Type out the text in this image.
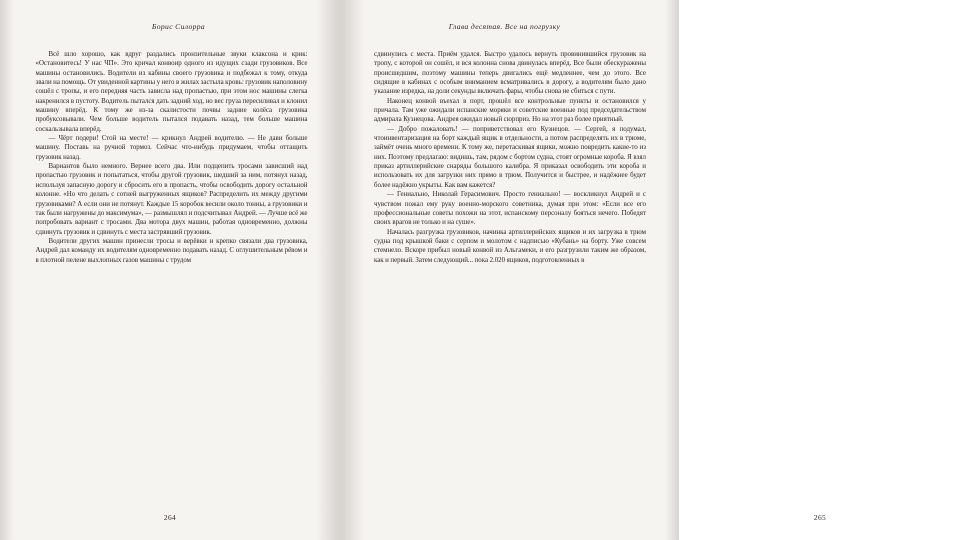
Борис Силорра

Всё шло хорошо, как вдруг раздались пронзительные звуки клаксона и крик: «Остановитесь! У нас ЧП». Это кричал конвоир одного из идущих сзади грузовиков. Все машины остановились. Водители из кабины своего грузовика и подбежал к тому, откуда звали на помощь. От увиденной картины у него в жилах застыла кровь: грузовик наполовину сошёл с тропы, и его передняя часть зависла над пропастью, при этом нос машины слегка накренился в пустоту. Водитель пытался дать задний ход, но вес груза пересиливал и клонил машину вперёд. К тому же из-за скалистости почвы задние колёса грузовика пробуксовывали. Чем больше водитель пытался подавать назад, тем больше машина соскальзывала вперёд.

— Чёрт подери! Стой на месте! — крикнул Андрей водителю. — Не дави больше машину. Поставь на ручной тормоз. Сейчас что-нибудь придумаем, чтобы оттащить грузовик назад.

Вариантов было немного. Вернее всего два. Или подцепить тросами зависший над пропастью грузовик и попытаться, чтобы другой грузовик, шедший за ним, потянул назад, используя запасную дорогу и сбросить его в пропасть, чтобы освободить дорогу остальной колонне. «Но что делать с сотней выгруженных ящиков? Распределить их между другими грузовиками? А если они не потянут. Каждые 15 коробок весили около тонны, а грузовики и так были нагружены до максимума», — размышлял и подсчитывал Андрей. — Лучше всё же попробовать вариант с тросами. Два мотора двух машин, работая одновременно, должны сдвинуть грузовик и сдвинуть с места застрявший грузовик.

Водители других машин принесли тросы и верёвки и крепко связали два грузовика, Андрей дал команду их водителям одновременно подавать назад. С оглушительным рёвом и в плотной пелене выхлопных газов машины с трудом

264
Глава десятая. Все на погрузку

сдвинулись с места. Приём удался. Быстро удалось вернуть провинившийся грузовик на тропу, с которой он сошёл, и вся колонна снова двинулась вперёд. Все были обескуражены происшедшим, поэтому машины теперь двигались ещё медленнее, чем до этого. Все сидящие в кабинах с особым вниманием всматривались в дорогу, а водителям было дано указание изредка, на доли секунды включать фары, чтобы снова не сбиться с пути.

Наконец конвой въехал в порт, прошёл все контрольные пункты и остановился у причала. Там уже ожидали испанские моряки и советские военные под председательством адмирала Кузнецова. Андрея ожидал новый сюрприз. Но на этот раз более приятный.

— Добро пожаловать! — поприветствовал его Кузнецов. — Сергей, я подумал, чтоинвентаризация на борт каждый ящик в отдельности, а потом распределять их в трюме, займёт очень много времени. К тому же, перетаскивая ящики, можно повредить какие-то из них. Поэтому предлагаю: видишь, там, рядом с бортом судна, стоят огромные короба. Я взял приказ артиллерийские снаряды большого калибра. Я приказал освободить эти короба и использовать их для загрузки них прямо в трюм. Получится и быстрее, и надёжнее будет более надёжно укрыты. Как вам кажется?

— Гениально, Николай Герасимович. Просто гениально! — воскликнул Андрей и с чувством пожал ему руку военно-морского советника, думая при этом: «Если все его профессиональные советы похожи на этот, испанскому персоналу бояться нечего. Победят своих врагов не только и на суше».

Началась разгрузка грузовиков, начинка артиллерийских ящиков и их загрузка в трюм судна под крышкой баки с серпом и молотом с надписью «Кубань» на борту. Уже совсем стемнело. Вскоре прибыл новый конвой из Альгамеки, и его разгрузили таким же образом, как и первый. Затем следующий... пока 2.020 ящиков, подготовленных в

265
